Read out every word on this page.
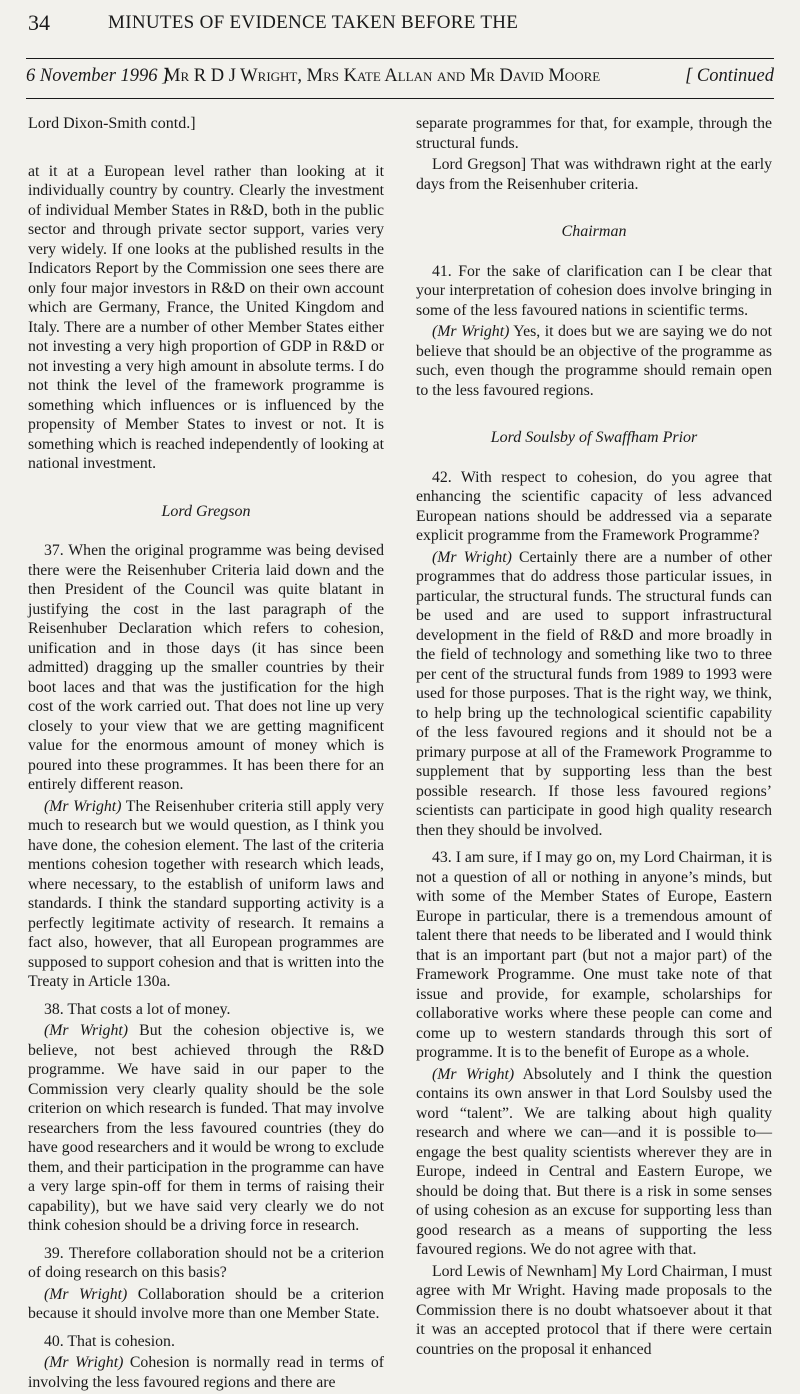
34	MINUTES OF EVIDENCE TAKEN BEFORE THE
6 November 1996 ]
Mr R D J Wright, Mrs Kate Allan and Mr David Moore	[ Continued
Lord Dixon-Smith contd.]

at it at a European level rather than looking at it individually country by country. Clearly the investment of individual Member States in R&D, both in the public sector and through private sector support, varies very very widely. If one looks at the published results in the Indicators Report by the Commission one sees there are only four major investors in R&D on their own account which are Germany, France, the United Kingdom and Italy. There are a number of other Member States either not investing a very high proportion of GDP in R&D or not investing a very high amount in absolute terms. I do not think the level of the framework programme is something which influences or is influenced by the propensity of Member States to invest or not. It is something which is reached independently of looking at national investment.

Lord Gregson

37. When the original programme was being devised there were the Reisenhuber Criteria laid down and the then President of the Council was quite blatant in justifying the cost in the last paragraph of the Reisenhuber Declaration which refers to cohesion, unification and in those days (it has since been admitted) dragging up the smaller countries by their boot laces and that was the justification for the high cost of the work carried out. That does not line up very closely to your view that we are getting magnificent value for the enormous amount of money which is poured into these programmes. It has been there for an entirely different reason.

(Mr Wright) The Reisenhuber criteria still apply very much to research but we would question, as I think you have done, the cohesion element. The last of the criteria mentions cohesion together with research which leads, where necessary, to the establish of uniform laws and standards. I think the standard supporting activity is a perfectly legitimate activity of research. It remains a fact also, however, that all European programmes are supposed to support cohesion and that is written into the Treaty in Article 130a.

38. That costs a lot of money.

(Mr Wright) But the cohesion objective is, we believe, not best achieved through the R&D programme. We have said in our paper to the Commission very clearly quality should be the sole criterion on which research is funded. That may involve researchers from the less favoured countries (they do have good researchers and it would be wrong to exclude them, and their participation in the programme can have a very large spin-off for them in terms of raising their capability), but we have said very clearly we do not think cohesion should be a driving force in research.

39. Therefore collaboration should not be a criterion of doing research on this basis?

(Mr Wright) Collaboration should be a criterion because it should involve more than one Member State.

40. That is cohesion.

(Mr Wright) Cohesion is normally read in terms of involving the less favoured regions and there are

separate programmes for that, for example, through the structural funds.

Lord Gregson] That was withdrawn right at the early days from the Reisenhuber criteria.

Chairman

41. For the sake of clarification can I be clear that your interpretation of cohesion does involve bringing in some of the less favoured nations in scientific terms.

(Mr Wright) Yes, it does but we are saying we do not believe that should be an objective of the programme as such, even though the programme should remain open to the less favoured regions.

Lord Soulsby of Swaffham Prior

42. With respect to cohesion, do you agree that enhancing the scientific capacity of less advanced European nations should be addressed via a separate explicit programme from the Framework Programme?

(Mr Wright) Certainly there are a number of other programmes that do address those particular issues, in particular, the structural funds. The structural funds can be used and are used to support infrastructural development in the field of R&D and more broadly in the field of technology and something like two to three per cent of the structural funds from 1989 to 1993 were used for those purposes. That is the right way, we think, to help bring up the technological scientific capability of the less favoured regions and it should not be a primary purpose at all of the Framework Programme to supplement that by supporting less than the best possible research. If those less favoured regions’ scientists can participate in good high quality research then they should be involved.

43. I am sure, if I may go on, my Lord Chairman, it is not a question of all or nothing in anyone’s minds, but with some of the Member States of Europe, Eastern Europe in particular, there is a tremendous amount of talent there that needs to be liberated and I would think that is an important part (but not a major part) of the Framework Programme. One must take note of that issue and provide, for example, scholarships for collaborative works where these people can come and come up to western standards through this sort of programme. It is to the benefit of Europe as a whole.

(Mr Wright) Absolutely and I think the question contains its own answer in that Lord Soulsby used the word “talent”. We are talking about high quality research and where we can—and it is possible to—engage the best quality scientists wherever they are in Europe, indeed in Central and Eastern Europe, we should be doing that. But there is a risk in some senses of using cohesion as an excuse for supporting less than good research as a means of supporting the less favoured regions. We do not agree with that.

Lord Lewis of Newnham] My Lord Chairman, I must agree with Mr Wright. Having made proposals to the Commission there is no doubt whatsoever about it that it was an accepted protocol that if there were certain countries on the proposal it enhanced
